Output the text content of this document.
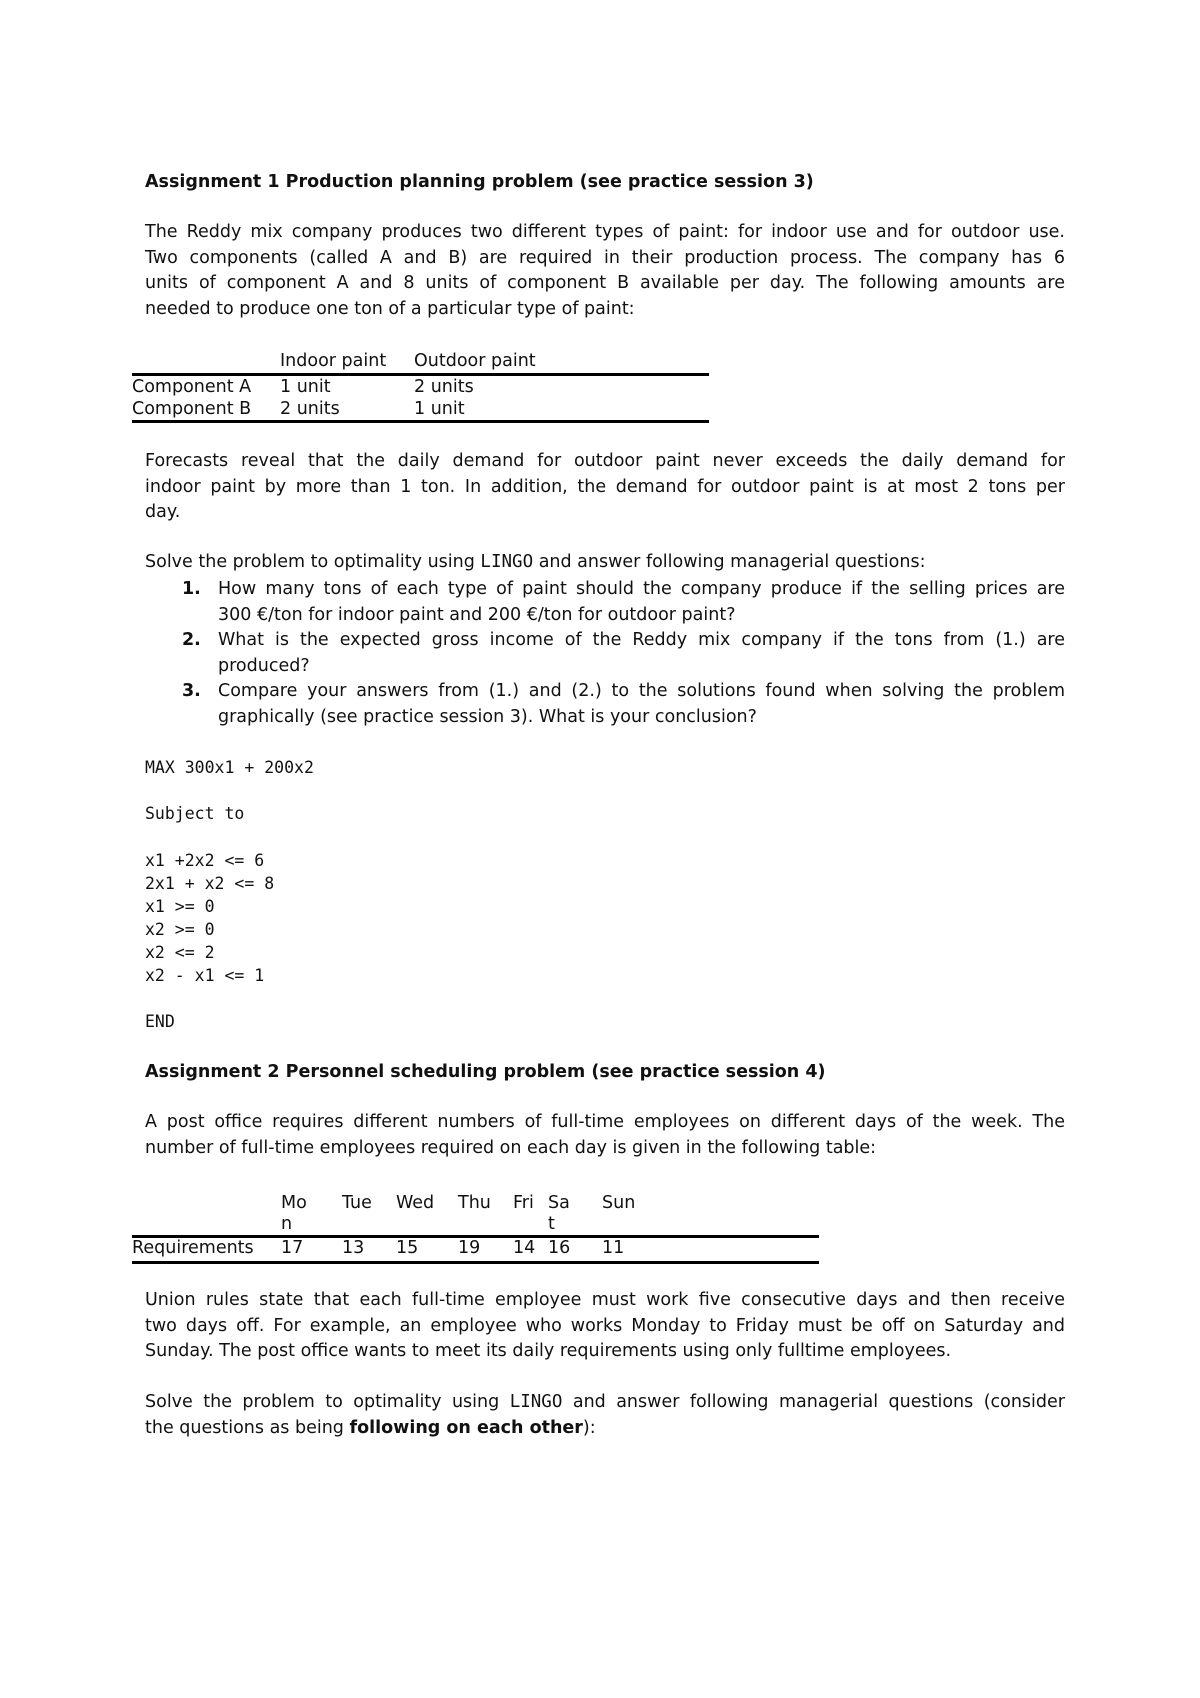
Assignment 1 Production planning problem (see practice session 3)
The Reddy mix company produces two different types of paint: for indoor use and for outdoor use.
Two components (called A and B) are required in their production process. The company has 6
units of component A and 8 units of component B available per day. The following amounts are
needed to produce one ton of a particular type of paint:
	Indoor paint	Outdoor paint
Component A	1 unit	2 units
Component B	2 units	1 unit
Forecasts reveal that the daily demand for outdoor paint never exceeds the daily demand for
indoor paint by more than 1 ton. In addition, the demand for outdoor paint is at most 2 tons per
day.
Solve the problem to optimality using LINGO and answer following managerial questions:
1. How many tons of each type of paint should the company produce if the selling prices are
300 €/ton for indoor paint and 200 €/ton for outdoor paint?
2. What is the expected gross income of the Reddy mix company if the tons from (1.) are
produced?
3. Compare your answers from (1.) and (2.) to the solutions found when solving the problem
graphically (see practice session 3). What is your conclusion?
MAX 300x1 + 200x2
Subject to
x1 +2x2 <= 6
2x1 + x2 <= 8
x1 >= 0
x2 >= 0
x2 <= 2
x2 - x1 <= 1
END
Assignment 2 Personnel scheduling problem (see practice session 4)
A post office requires different numbers of full-time employees on different days of the week. The
number of full-time employees required on each day is given in the following table:
	Mon	Tue	Wed	Thu	Fri	Sat	Sun
Requirements	17	13	15	19	14	16	11
Union rules state that each full-time employee must work five consecutive days and then receive
two days off. For example, an employee who works Monday to Friday must be off on Saturday and
Sunday. The post office wants to meet its daily requirements using only fulltime employees.
Solve the problem to optimality using LINGO and answer following managerial questions (consider
the questions as being following on each other):
